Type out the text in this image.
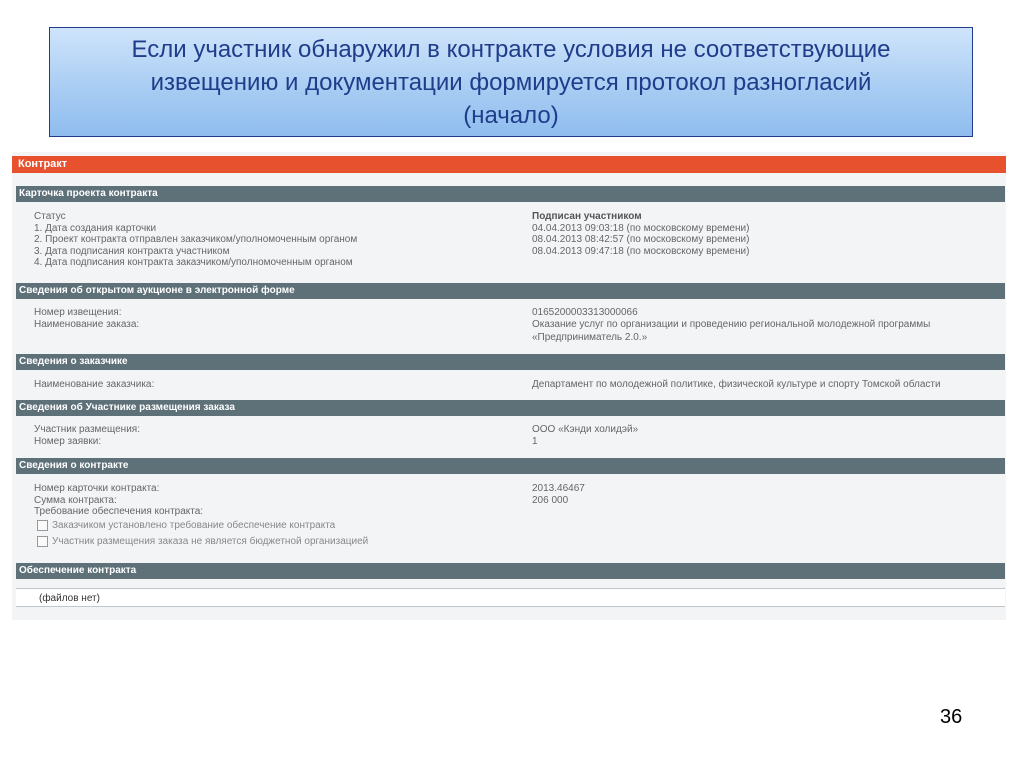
Если участник обнаружил в контракте условия не соответствующие
извещению и документации формируется протокол разногласий
(начало)

Контракт
Карточка проекта контракта
Статус	Подписан участником
1. Дата создания карточки	04.04.2013 09:03:18 (по московскому времени)
2. Проект контракта отправлен заказчиком/уполномоченным органом	08.04.2013 08:42:57 (по московскому времени)
3. Дата подписания контракта участником	08.04.2013 09:47:18 (по московскому времени)
4. Дата подписания контракта заказчиком/уполномоченным органом
Сведения об открытом аукционе в электронной форме
Номер извещения:	0165200003313000066
Наименование заказа:	Оказание услуг по организации и проведению региональной молодежной программы
«Предприниматель 2.0.»
Сведения о заказчике
Наименование заказчика:	Департамент по молодежной политике, физической культуре и спорту Томской области
Сведения об Участнике размещения заказа
Участник размещения:	ООО «Кэнди холидэй»
Номер заявки:	1
Сведения о контракте
Номер карточки контракта:	2013.46467
Сумма контракта:	206 000
Требование обеспечения контракта:
Заказчиком установлено требование обеспечение контракта
Участник размещения заказа не является бюджетной организацией
Обеспечение контракта
(файлов нет)
36
